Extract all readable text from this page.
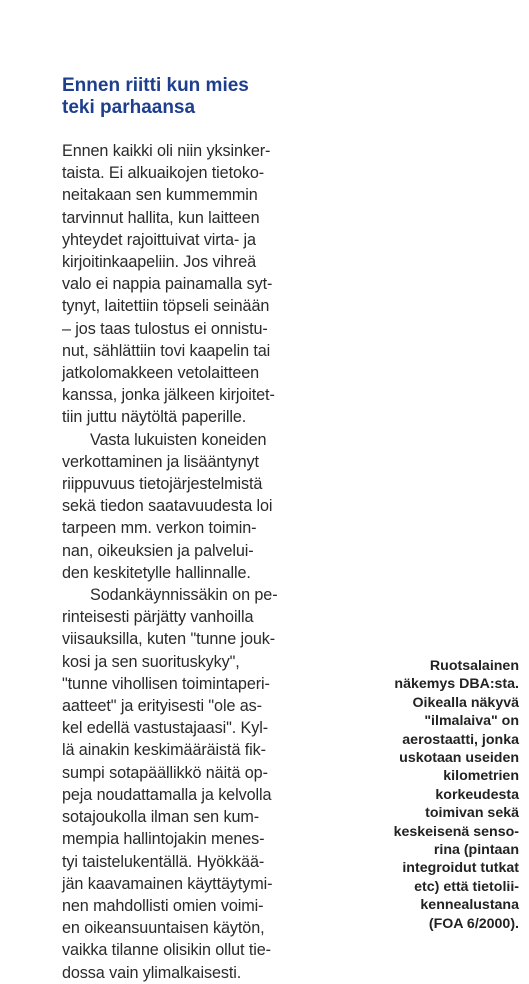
Ennen riitti kun mies
teki parhaansa
Ennen kaikki oli niin yksinker-
taista. Ei alkuaikojen tietoko-
neitakaan sen kummemmin
tarvinnut hallita, kun laitteen
yhteydet rajoittuivat virta- ja
kirjoitinkaapeliin. Jos vihreä
valo ei nappia painamalla syt-
tynyt, laitettiin töpseli seinään
– jos taas tulostus ei onnistu-
nut, sählättiin tovi kaapelin tai
jatkolomakkeen vetolaitteen
kanssa, jonka jälkeen kirjoitet-
tiin juttu näytöltä paperille.
Vasta lukuisten koneiden
verkottaminen ja lisääntynyt
riippuvuus tietojärjestelmistä
sekä tiedon saatavuudesta loi
tarpeen mm. verkon toimin-
nan, oikeuksien ja palvelui-
den keskitetylle hallinnalle.
Sodankäynnissäkin on pe-
rinteisesti pärjätty vanhoilla
viisauksilla, kuten "tunne jouk-
kosi ja sen suorituskyky",
"tunne vihollisen toimintaperi-
aatteet" ja erityisesti "ole as-
kel edellä vastustajaasi". Kyl-
lä ainakin keskimääräistä fik-
sumpi sotapäällikkö näitä op-
peja noudattamalla ja kelvolla
sotajoukolla ilman sen kum-
mempia hallintojakin menes-
tyi taistelukentällä. Hyökkää-
jän kaavamainen käyttäytymi-
nen mahdollisti omien voimi-
en oikeansuuntaisen käytön,
vaikka tilanne olisikin ollut tie-
dossa vain ylimalkaisesti.
Ruotsalainen
näkemys DBA:sta.
Oikealla näkyvä
"ilmalaiva" on
aerostaatti, jonka
uskotaan useiden
kilometrien
korkeudesta
toimivan sekä
keskeisenä senso-
rina (pintaan
integroidut tutkat
etc) että tietolii-
kennealustana
(FOA 6/2000).
